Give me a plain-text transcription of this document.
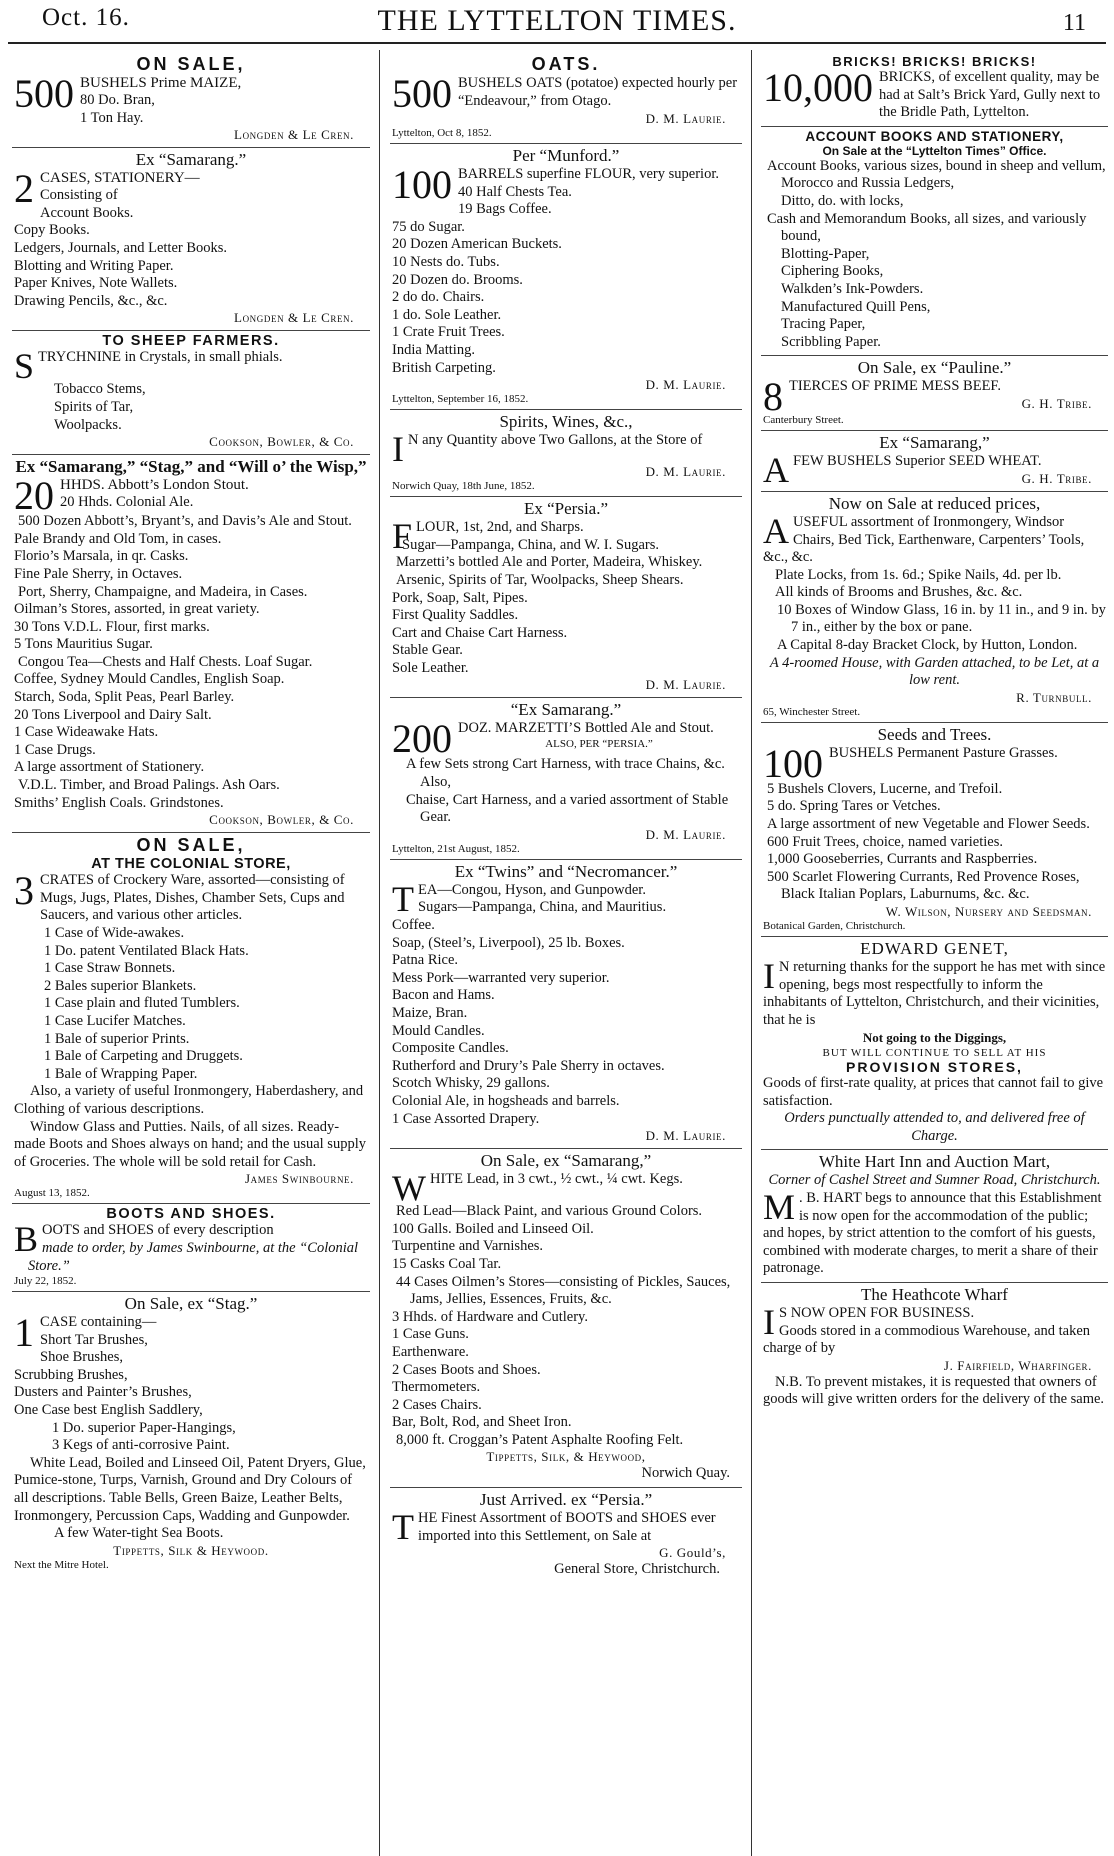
Oct. 16.	THE LYTTELTON TIMES.	11
ON SALE,
500 BUSHELS Prime MAIZE,
80 Do. Bran,
1 Ton Hay.
Longden & Le Cren.
Ex “Samarang.”
2 CASES, STATIONERY—
Consisting of
Account Books.
Copy Books.
Ledgers, Journals, and Letter Books.
Blotting and Writing Paper.
Paper Knives, Note Wallets.
Drawing Pencils, &c., &c.
Longden & Le Cren.
TO SHEEP FARMERS.
S TRYCHNINE in Crystals, in small phials.
Tobacco Stems,
Spirits of Tar,
Woolpacks.
Cookson, Bowler, & Co.
Ex “Samarang,” “Stag,” and “Will o’ the Wisp,”
20 HHDS. Abbott’s London Stout.
20 Hhds. Colonial Ale.
500 Dozen Abbott’s, Bryant’s, and Davis’s Ale and Stout.
Pale Brandy and Old Tom, in cases.
Florio’s Marsala, in qr. Casks.
Fine Pale Sherry, in Octaves.
Port, Sherry, Champaigne, and Madeira, in Cases.
Oilman’s Stores, assorted, in great variety.
30 Tons V.D.L. Flour, first marks.
5 Tons Mauritius Sugar.
Congou Tea—Chests and Half Chests. Loaf Sugar.
Coffee, Sydney Mould Candles, English Soap.
Starch, Soda, Split Peas, Pearl Barley.
20 Tons Liverpool and Dairy Salt.
1 Case Wideawake Hats.
1 Case Drugs.
A large assortment of Stationery.
V.D.L. Timber, and Broad Palings. Ash Oars.
Smiths’ English Coals. Grindstones.
Cookson, Bowler, & Co.
ON SALE,
AT THE COLONIAL STORE,
3 CRATES of Crockery Ware, assorted—consisting of Mugs, Jugs, Plates, Dishes, Chamber Sets, Cups and Saucers, and various other articles.
1 Case of Wide-awakes.
1 Do. patent Ventilated Black Hats.
1 Case Straw Bonnets.
2 Bales superior Blankets.
1 Case plain and fluted Tumblers.
1 Case Lucifer Matches.
1 Bale of superior Prints.
1 Bale of Carpeting and Druggets.
1 Bale of Wrapping Paper.
Also, a variety of useful Ironmongery, Haberdashery, and Clothing of various descriptions.
Window Glass and Putties. Nails, of all sizes. Ready-made Boots and Shoes always on hand; and the usual supply of Groceries. The whole will be sold retail for Cash.
James Swinbourne.
August 13, 1852.
BOOTS AND SHOES.
B OOTS and SHOES of every description
made to order, by James Swinbourne, at the “Colonial Store.”
July 22, 1852.
On Sale, ex “Stag.”
1 CASE containing—
Short Tar Brushes,
Shoe Brushes,
Scrubbing Brushes,
Dusters and Painter’s Brushes,
One Case best English Saddlery,
1 Do. superior Paper-Hangings,
3 Kegs of anti-corrosive Paint.
White Lead, Boiled and Linseed Oil, Patent Dryers, Glue, Pumice-stone, Turps, Varnish, Ground and Dry Colours of all descriptions. Table Bells, Green Baize, Leather Belts, Ironmongery, Percussion Caps, Wadding and Gunpowder.
A few Water-tight Sea Boots.
Tippetts, Silk & Heywood.
Next the Mitre Hotel.
OATS.
500 BUSHELS OATS (potatoe) expected hourly per “Endeavour,” from Otago.
D. M. Laurie.
Lyttelton, Oct 8, 1852.
Per “Munford.”
100 BARRELS superfine FLOUR, very superior.
40 Half Chests Tea.
19 Bags Coffee.
75 do Sugar.
20 Dozen American Buckets.
10 Nests do. Tubs.
20 Dozen do. Brooms.
2 do do. Chairs.
1 do. Sole Leather.
1 Crate Fruit Trees.
India Matting.
British Carpeting.
D. M. Laurie.
Lyttelton, September 16, 1852.
Spirits, Wines, &c.,
I N any Quantity above Two Gallons, at the Store of
D. M. Laurie.
Norwich Quay, 18th June, 1852.
Ex “Persia.”
F LOUR, 1st, 2nd, and Sharps.
Sugar—Pampanga, China, and W. I. Sugars.
Marzetti’s bottled Ale and Porter, Madeira, Whiskey.
Arsenic, Spirits of Tar, Woolpacks, Sheep Shears.
Pork, Soap, Salt, Pipes.
First Quality Saddles.
Cart and Chaise Cart Harness.
Stable Gear.
Sole Leather.
D. M. Laurie.
“Ex Samarang.”
200 DOZ. MARZETTI’S Bottled Ale and Stout.
ALSO, PER “PERSIA.”
A few Sets strong Cart Harness, with trace Chains, &c. Also,
Chaise, Cart Harness, and a varied assortment of Stable Gear.
D. M. Laurie.
Lyttelton, 21st August, 1852.
Ex “Twins” and “Necromancer.”
T EA—Congou, Hyson, and Gunpowder.
Sugars—Pampanga, China, and Mauritius.
Coffee.
Soap, (Steel’s, Liverpool), 25 lb. Boxes.
Patna Rice.
Mess Pork—warranted very superior.
Bacon and Hams.
Maize, Bran.
Mould Candles.
Composite Candles.
Rutherford and Drury’s Pale Sherry in octaves.
Scotch Whisky, 29 gallons.
Colonial Ale, in hogsheads and barrels.
1 Case Assorted Drapery.
D. M. Laurie.
On Sale, ex “Samarang,”
W HITE Lead, in 3 cwt., ½ cwt., ¼ cwt. Kegs.
Red Lead—Black Paint, and various Ground Colors.
100 Galls. Boiled and Linseed Oil.
Turpentine and Varnishes.
15 Casks Coal Tar.
44 Cases Oilmen’s Stores—consisting of Pickles, Sauces, Jams, Jellies, Essences, Fruits, &c.
3 Hhds. of Hardware and Cutlery.
1 Case Guns.
Earthenware.
2 Cases Boots and Shoes.
Thermometers.
2 Cases Chairs.
Bar, Bolt, Rod, and Sheet Iron.
8,000 ft. Croggan’s Patent Asphalte Roofing Felt.
Tippetts, Silk, & Heywood,
Norwich Quay.
Just Arrived. ex “Persia.”
T HE Finest Assortment of BOOTS and SHOES ever imported into this Settlement, on Sale at
G. Gould’s,
General Store, Christchurch.
BRICKS! BRICKS! BRICKS!
10,000 BRICKS, of excellent quality, may be had at Salt’s Brick Yard, Gully next to the Bridle Path, Lyttelton.
ACCOUNT BOOKS AND STATIONERY,
On Sale at the “Lyttelton Times” Office.
Account Books, various sizes, bound in sheep and vellum,
Morocco and Russia Ledgers,
Ditto, do. with locks,
Cash and Memorandum Books, all sizes, and variously bound,
Blotting-Paper,
Ciphering Books,
Walkden’s Ink-Powders.
Manufactured Quill Pens,
Tracing Paper,
Scribbling Paper.
On Sale, ex “Pauline.”
8 TIERCES OF PRIME MESS BEEF.
G. H. Tribe.
Canterbury Street.
Ex “Samarang,”
A FEW BUSHELS Superior SEED WHEAT.
G. H. Tribe.
Now on Sale at reduced prices,
A USEFUL assortment of Ironmongery, Windsor Chairs, Bed Tick, Earthenware, Carpenters’ Tools, &c., &c.
Plate Locks, from 1s. 6d.; Spike Nails, 4d. per lb.
All kinds of Brooms and Brushes, &c. &c.
10 Boxes of Window Glass, 16 in. by 11 in., and 9 in. by 7 in., either by the box or pane.
A Capital 8-day Bracket Clock, by Hutton, London.
A 4-roomed House, with Garden attached, to be Let, at a low rent.
R. Turnbull.
65, Winchester Street.
Seeds and Trees.
100 BUSHELS Permanent Pasture Grasses.
5 Bushels Clovers, Lucerne, and Trefoil.
5 do. Spring Tares or Vetches.
A large assortment of new Vegetable and Flower Seeds.
600 Fruit Trees, choice, named varieties.
1,000 Gooseberries, Currants and Raspberries.
500 Scarlet Flowering Currants, Red Provence Roses, Black Italian Poplars, Laburnums, &c. &c.
W. Wilson, Nursery and Seedsman.
Botanical Garden, Christchurch.
EDWARD GENET,
I N returning thanks for the support he has met with since opening, begs most respectfully to inform the inhabitants of Lyttelton, Christchurch, and their vicinities, that he is
Not going to the Diggings,
BUT WILL CONTINUE TO SELL AT HIS
PROVISION STORES,
Goods of first-rate quality, at prices that cannot fail to give satisfaction.
Orders punctually attended to, and delivered free of Charge.
White Hart Inn and Auction Mart,
Corner of Cashel Street and Sumner Road, Christchurch.
M . B. HART begs to announce that this Establishment is now open for the accommodation of the public; and hopes, by strict attention to the comfort of his guests, combined with moderate charges, to merit a share of their patronage.
The Heathcote Wharf
I S NOW OPEN FOR BUSINESS.
Goods stored in a commodious Warehouse, and taken charge of by
J. Fairfield, Wharfinger.
N.B. To prevent mistakes, it is requested that owners of goods will give written orders for the delivery of the same.
